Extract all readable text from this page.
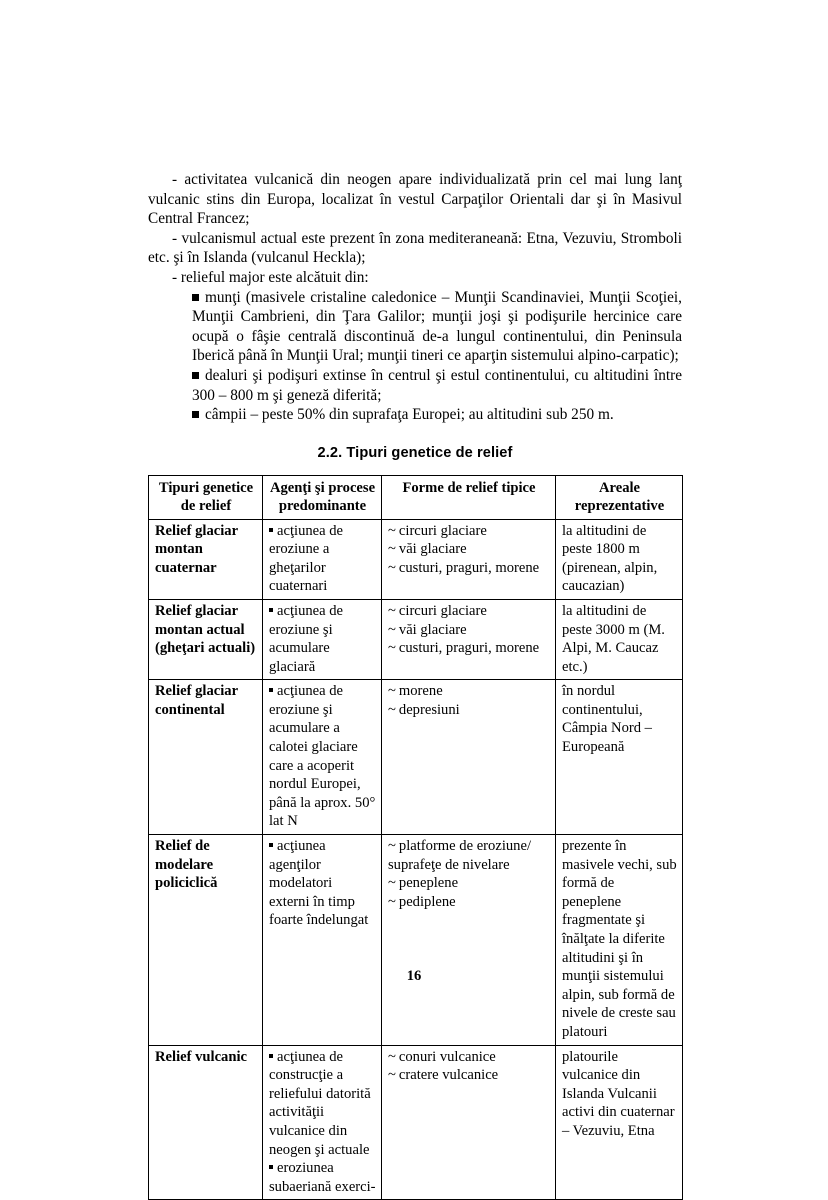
- activitatea vulcanică din neogen apare individualizată prin cel mai lung lanţ vulcanic stins din Europa, localizat în vestul Carpaţilor Orientali dar şi în Masivul Central Francez;

- vulcanismul actual este prezent în zona mediteraneană: Etna, Vezuviu, Stromboli etc. şi în Islanda (vulcanul Heckla);

- relieful major este alcătuit din:

munţi (masivele cristaline caledonice – Munţii Scandinaviei, Munţii Scoţiei, Munţii Cambrieni, din Ţara Galilor; munţii joşi şi podişurile hercinice care ocupă o fâşie centrală discontinuă de-a lungul continentului, din Peninsula Iberică până în Munţii Ural; munţii tineri ce aparţin sistemului alpino-carpatic);

dealuri şi podişuri extinse în centrul şi estul continentului, cu altitudini între 300 – 800 m şi geneză diferită;

câmpii – peste 50% din suprafaţa Europei; au altitudini sub 250 m.

2.2. Tipuri genetice de relief
Tipuri genetice de relief	Agenţi şi procese predominante	Forme de relief tipice	Areale reprezentative
Relief glaciar montan cuaternar	acţiunea de eroziune a gheţarilor cuaternari	~ circuri glaciare
~ văi glaciare
~ custuri, praguri, morene	la altitudini de peste 1800 m (pirenean, alpin, caucazian)
Relief glaciar montan actual (gheţari actuali)	acţiunea de eroziune şi acumulare glaciară	~ circuri glaciare
~ văi glaciare
~ custuri, praguri, morene	la altitudini de peste 3000 m (M. Alpi, M. Caucaz etc.)
Relief glaciar continental	acţiunea de eroziune şi acumulare a calotei glaciare care a acoperit nordul Europei, până la aprox. 50° lat N	~ morene
~ depresiuni	în nordul continentului, Câmpia Nord – Europeană
Relief de modelare policiclică	acţiunea agenţilor modelatori externi în timp foarte îndelungat	~ platforme de eroziune/ suprafeţe de nivelare
~ peneplene
~ pediplene	prezente în masivele vechi, sub formă de peneplene fragmentate şi înălţate la diferite altitudini şi în munţii sistemului alpin, sub formă de nivele de creste sau platouri
Relief vulcanic	acţiunea de construcţie a reliefului datorită activităţii vulcanice din neogen şi actuale
eroziunea subaeriană exerci-	~ conuri vulcanice
~ cratere vulcanice	platourile vulcanice din Islanda Vulcanii activi din cuaternar – Vezuviu, Etna
16
